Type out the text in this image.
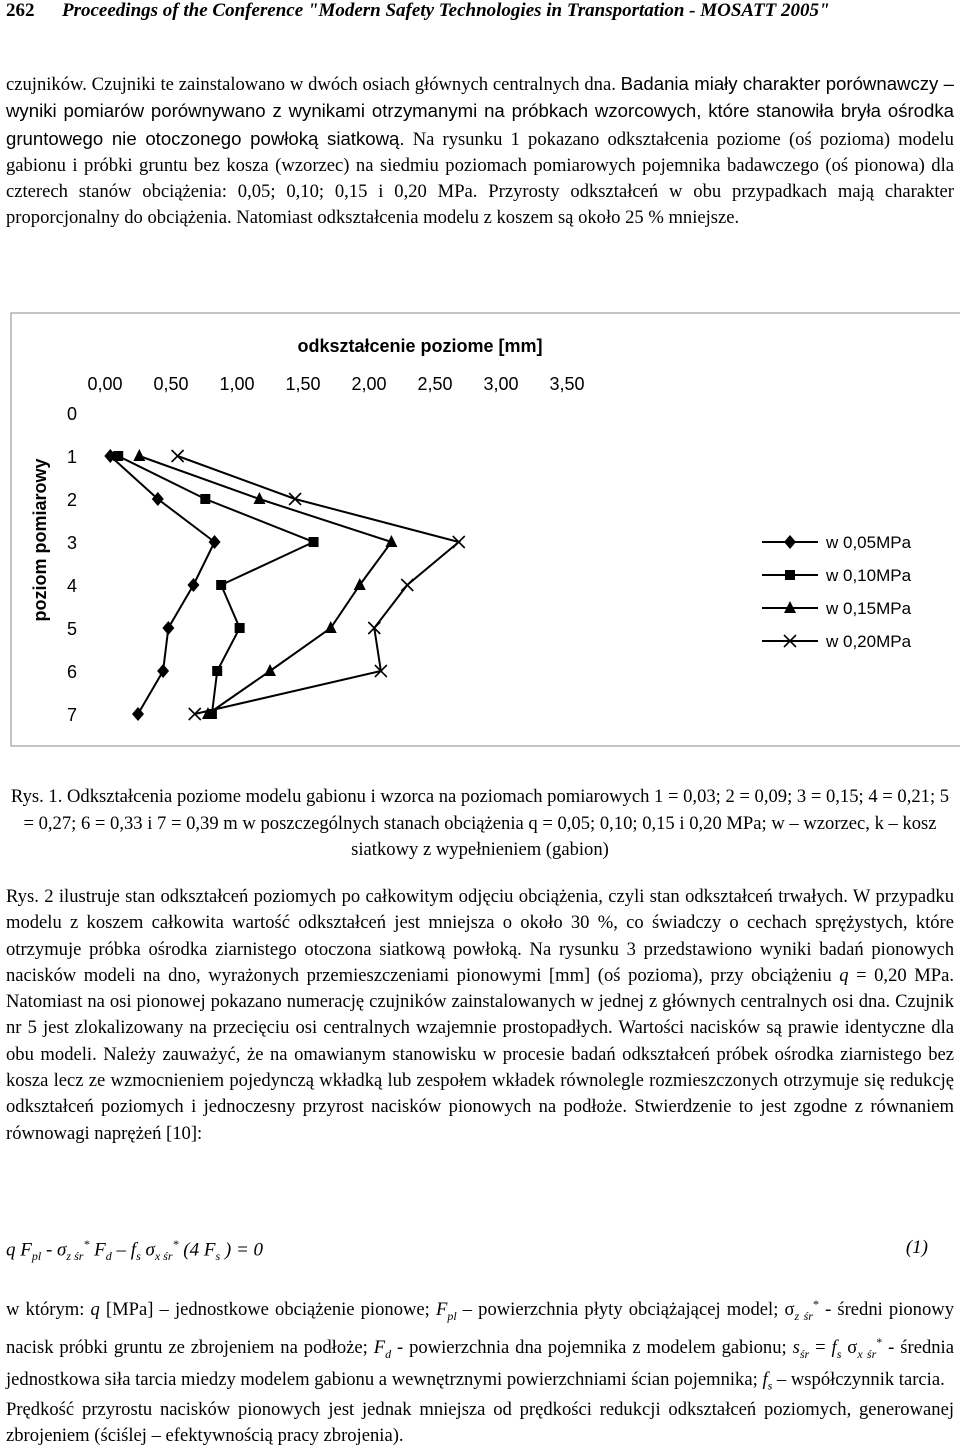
262 Proceedings of the Conference "Modern Safety Technologies in Transportation - MOSATT 2005"
czujników. Czujniki te zainstalowano w dwóch osiach głównych centralnych dna. Badania miały charakter porównawczy – wyniki pomiarów porównywano z wynikami otrzymanymi na próbkach wzorcowych, które stanowiła bryła ośrodka gruntowego nie otoczonego powłoką siatkową. Na rysunku 1 pokazano odkształcenia poziome (oś pozioma) modelu gabionu i próbki gruntu bez kosza (wzorzec) na siedmiu poziomach pomiarowych pojemnika badawczego (oś pionowa) dla czterech stanów obciążenia: 0,05; 0,10; 0,15 i 0,20 MPa. Przyrosty odkształceń w obu przypadkach mają charakter proporcjonalny do obciążenia. Natomiast odkształcenia modelu z koszem są około 25 % mniejsze.
odkształcenie poziome [mm]
poziom pomiarowy
0,00 0,50 1,00 1,50 2,00 2,50 3,00 3,50
0
1
2
3
4
5
6
7
w 0,05MPa
w 0,10MPa
w 0,15MPa
w 0,20MPa
Rys. 1. Odkształcenia poziome modelu gabionu i wzorca na poziomach pomiarowych 1 = 0,03; 2 = 0,09; 3 = 0,15; 4 = 0,21; 5 = 0,27; 6 = 0,33 i 7 = 0,39 m w poszczególnych stanach obciążenia q = 0,05; 0,10; 0,15 i 0,20 MPa; w – wzorzec, k – kosz siatkowy z wypełnieniem (gabion)
Rys. 2 ilustruje stan odkształceń poziomych po całkowitym odjęciu obciążenia, czyli stan odkształceń trwałych. W przypadku modelu z koszem całkowita wartość odkształceń jest mniejsza o około 30 %, co świadczy o cechach sprężystych, które otrzymuje próbka ośrodka ziarnistego otoczona siatkową powłoką. Na rysunku 3 przedstawiono wyniki badań pionowych nacisków modeli na dno, wyrażonych przemieszczeniami pionowymi [mm] (oś pozioma), przy obciążeniu q = 0,20 MPa. Natomiast na osi pionowej pokazano numerację czujników zainstalowanych w jednej z głównych centralnych osi dna. Czujnik nr 5 jest zlokalizowany na przecięciu osi centralnych wzajemnie prostopadłych. Wartości nacisków są prawie identyczne dla obu modeli. Należy zauważyć, że na omawianym stanowisku w procesie badań odkształceń próbek ośrodka ziarnistego bez kosza lecz ze wzmocnieniem pojedynczą wkładką lub zespołem wkładek równolegle rozmieszczonych otrzymuje się redukcję odkształceń poziomych i jednoczesny przyrost nacisków pionowych na podłoże. Stwierdzenie to jest zgodne z równaniem równowagi naprężeń [10]:
q $F_{pl} - \sigma_{z śr}^*$ $F_d - f_s$ $\sigma_{x śr}^*$ (4 $F_s$ ) = 0	(1)
w którym: q [MPa] – jednostkowe obciążenie pionowe; $F_{pl}$ – powierzchnia płyty obciążającej model; $\sigma_{z śr}^*$ - średni pionowy nacisk próbki gruntu ze zbrojeniem na podłoże; $F_d$ - powierzchnia dna pojemnika z modelem gabionu; $s_{śr} = f_s$ $\sigma_{x śr}^*$ - średnia jednostkowa siła tarcia miedzy modelem gabionu a wewnętrznymi powierzchniami ścian pojemnika; $f_s$ – współczynnik tarcia.
Prędkość przyrostu nacisków pionowych jest jednak mniejsza od prędkości redukcji odkształceń poziomych, generowanej zbrojeniem (ściślej – efektywnością pracy zbrojenia).
